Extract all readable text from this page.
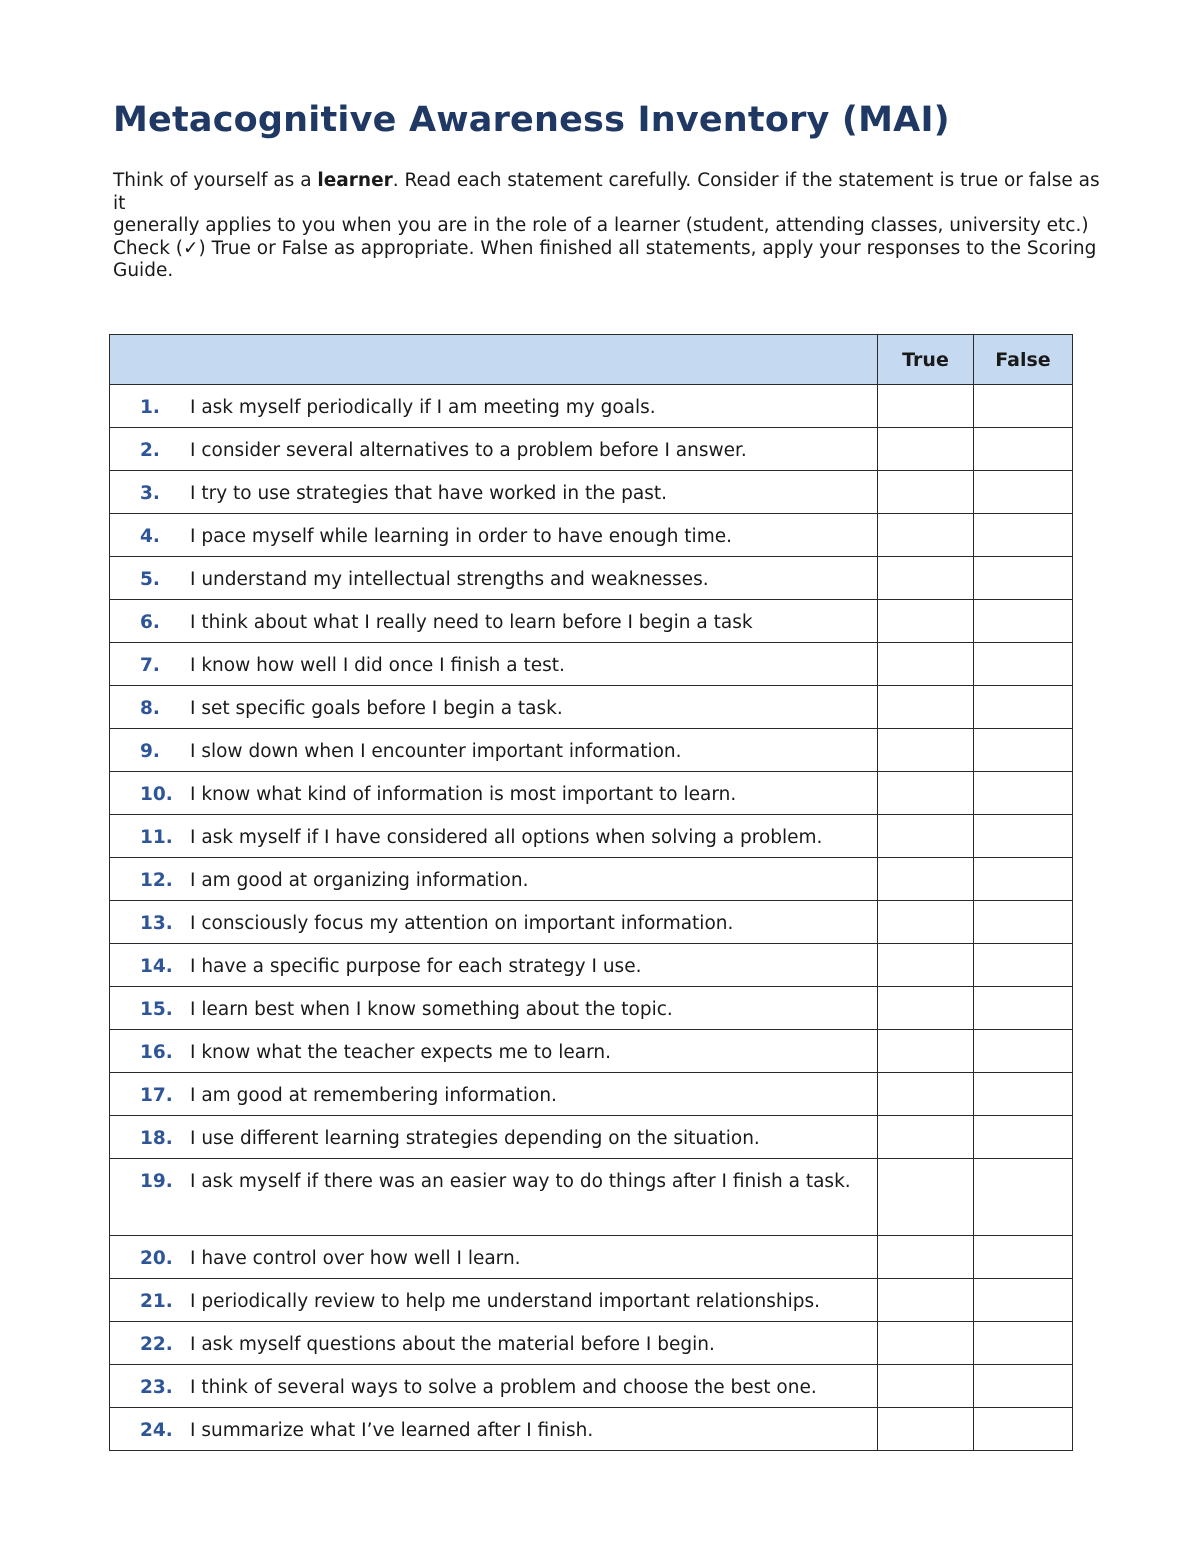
Metacognitive Awareness Inventory (MAI)

Think of yourself as a learner. Read each statement carefully. Consider if the statement is true or false as it

generally applies to you when you are in the role of a learner (student, attending classes, university etc.)

Check (✓) True or False as appropriate. When finished all statements, apply your responses to the Scoring Guide.

	True	False

1. I ask myself periodically if I am meeting my goals.		

2. I consider several alternatives to a problem before I answer.		

3. I try to use strategies that have worked in the past.		

4. I pace myself while learning in order to have enough time.		

5. I understand my intellectual strengths and weaknesses.		

6. I think about what I really need to learn before I begin a task		

7. I know how well I did once I finish a test.		

8. I set specific goals before I begin a task.		

9. I slow down when I encounter important information.		

10. I know what kind of information is most important to learn.		

11. I ask myself if I have considered all options when solving a problem.		

12. I am good at organizing information.		

13. I consciously focus my attention on important information.		

14. I have a specific purpose for each strategy I use.		

15. I learn best when I know something about the topic.		

16. I know what the teacher expects me to learn.		

17. I am good at remembering information.		

18. I use different learning strategies depending on the situation.		

19. I ask myself if there was an easier way to do things after I finish a task.		

20. I have control over how well I learn.		

21. I periodically review to help me understand important relationships.		

22. I ask myself questions about the material before I begin.		

23. I think of several ways to solve a problem and choose the best one.		

24. I summarize what I’ve learned after I finish.		
